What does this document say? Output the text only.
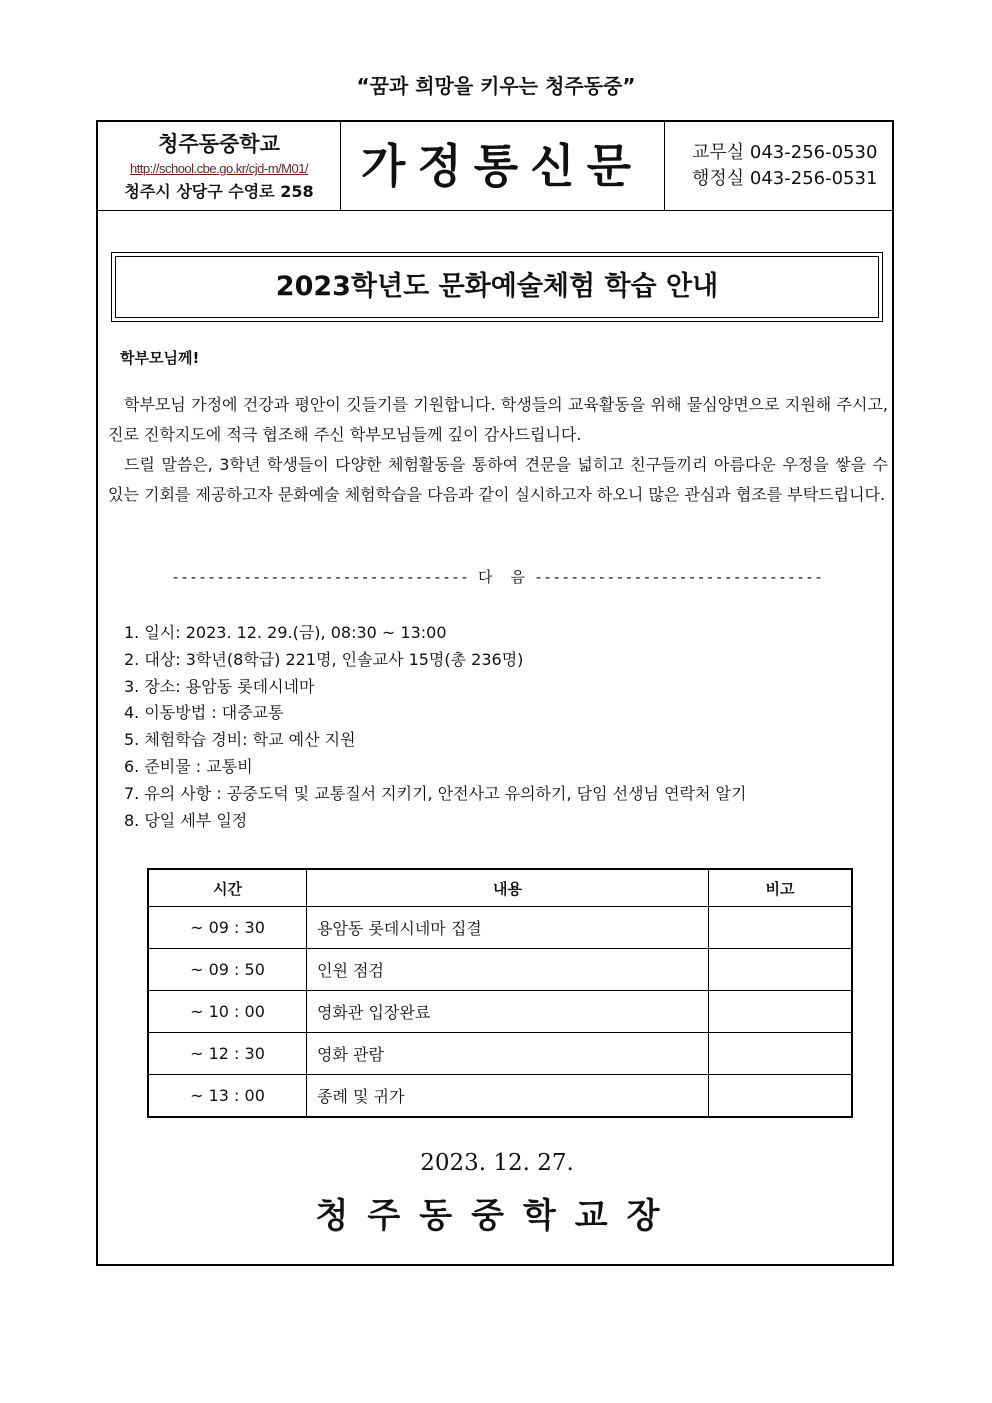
“꿈과 희망을 키우는 청주동중”
청주동중학교
http://school.cbe.go.kr/cjd-m/M01/
청주시 상당구 수영로 258	가정통신문	교무실 043-256-0530
행정실 043-256-0531
2023학년도 문화예술체험 학습 안내
학부모님께!

학부모님 가정에 건강과 평안이 깃들기를 기원합니다. 학생들의 교육활동을 위해 물심양면으로 지원해 주시고, 진로 진학지도에 적극 협조해 주신 학부모님들께 깊이 감사드립니다.

드릴 말씀은, 3학년 학생들이 다양한 체험활동을 통하여 견문을 넓히고 친구들끼리 아름다운 우정을 쌓을 수 있는 기회를 제공하고자 문화예술 체험학습을 다음과 같이 실시하고자 하오니 많은 관심과 협조를 부탁드립니다.

--------------------------------- 다  음 --------------------------------
1. 일시: 2023. 12. 29.(금), 08:30 ~ 13:00
2. 대상: 3학년(8학급) 221명, 인솔교사 15명(총 236명)
3. 장소: 용암동 롯데시네마
4. 이동방법 : 대중교통
5. 체험학습 경비: 학교 예산 지원
6. 준비물 : 교통비
7. 유의 사항 : 공중도덕 및 교통질서 지키기, 안전사고 유의하기, 담임 선생님 연락처 알기
8. 당일 세부 일정
시간	내용	비고
~ 09 : 30	용암동 롯데시네마 집결	
~ 09 : 50	인원 점검	
~ 10 : 00	영화관 입장완료	
~ 12 : 30	영화 관람	
~ 13 : 00	종례 및 귀가	
2023. 12. 27.
청주동중학교장
